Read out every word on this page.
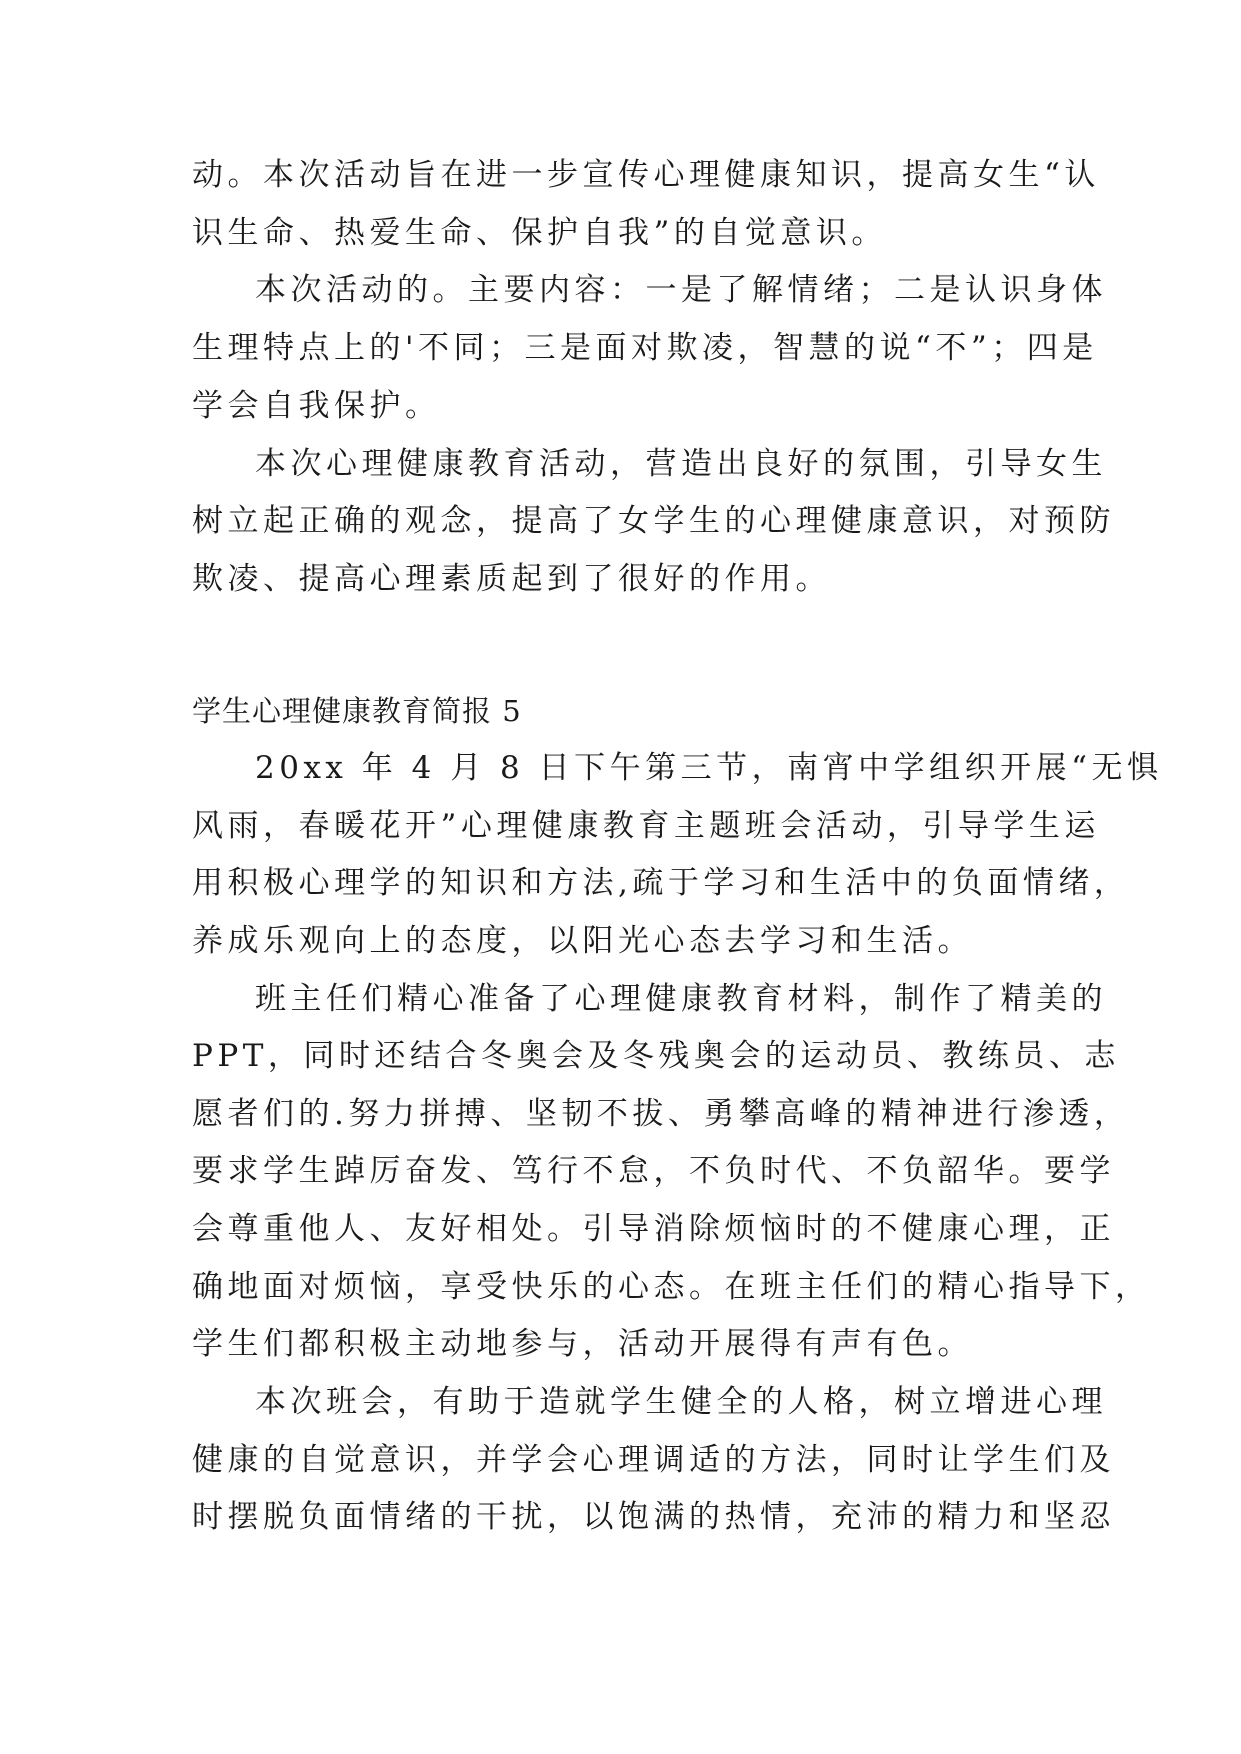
动。本次活动旨在进一步宣传心理健康知识，提高女生“认
识生命、热爱生命、保护自我”的自觉意识。
本次活动的。主要内容：一是了解情绪；二是认识身体
生理特点上的'不同；三是面对欺凌，智慧的说“不”；四是
学会自我保护。
本次心理健康教育活动，营造出良好的氛围，引导女生
树立起正确的观念，提高了女学生的心理健康意识，对预防
欺凌、提高心理素质起到了很好的作用。
学生心理健康教育简报 5
20xx 年 4 月 8 日下午第三节，南宵中学组织开展“无惧
风雨，春暖花开”心理健康教育主题班会活动，引导学生运
用积极心理学的知识和方法,疏于学习和生活中的负面情绪，
养成乐观向上的态度，以阳光心态去学习和生活。
班主任们精心准备了心理健康教育材料，制作了精美的
PPT，同时还结合冬奥会及冬残奥会的运动员、教练员、志
愿者们的.努力拼搏、坚韧不拔、勇攀高峰的精神进行渗透，
要求学生踔厉奋发、笃行不怠，不负时代、不负韶华。要学
会尊重他人、友好相处。引导消除烦恼时的不健康心理，正
确地面对烦恼，享受快乐的心态。在班主任们的精心指导下，
学生们都积极主动地参与，活动开展得有声有色。
本次班会，有助于造就学生健全的人格，树立增进心理
健康的自觉意识，并学会心理调适的方法，同时让学生们及
时摆脱负面情绪的干扰，以饱满的热情，充沛的精力和坚忍
